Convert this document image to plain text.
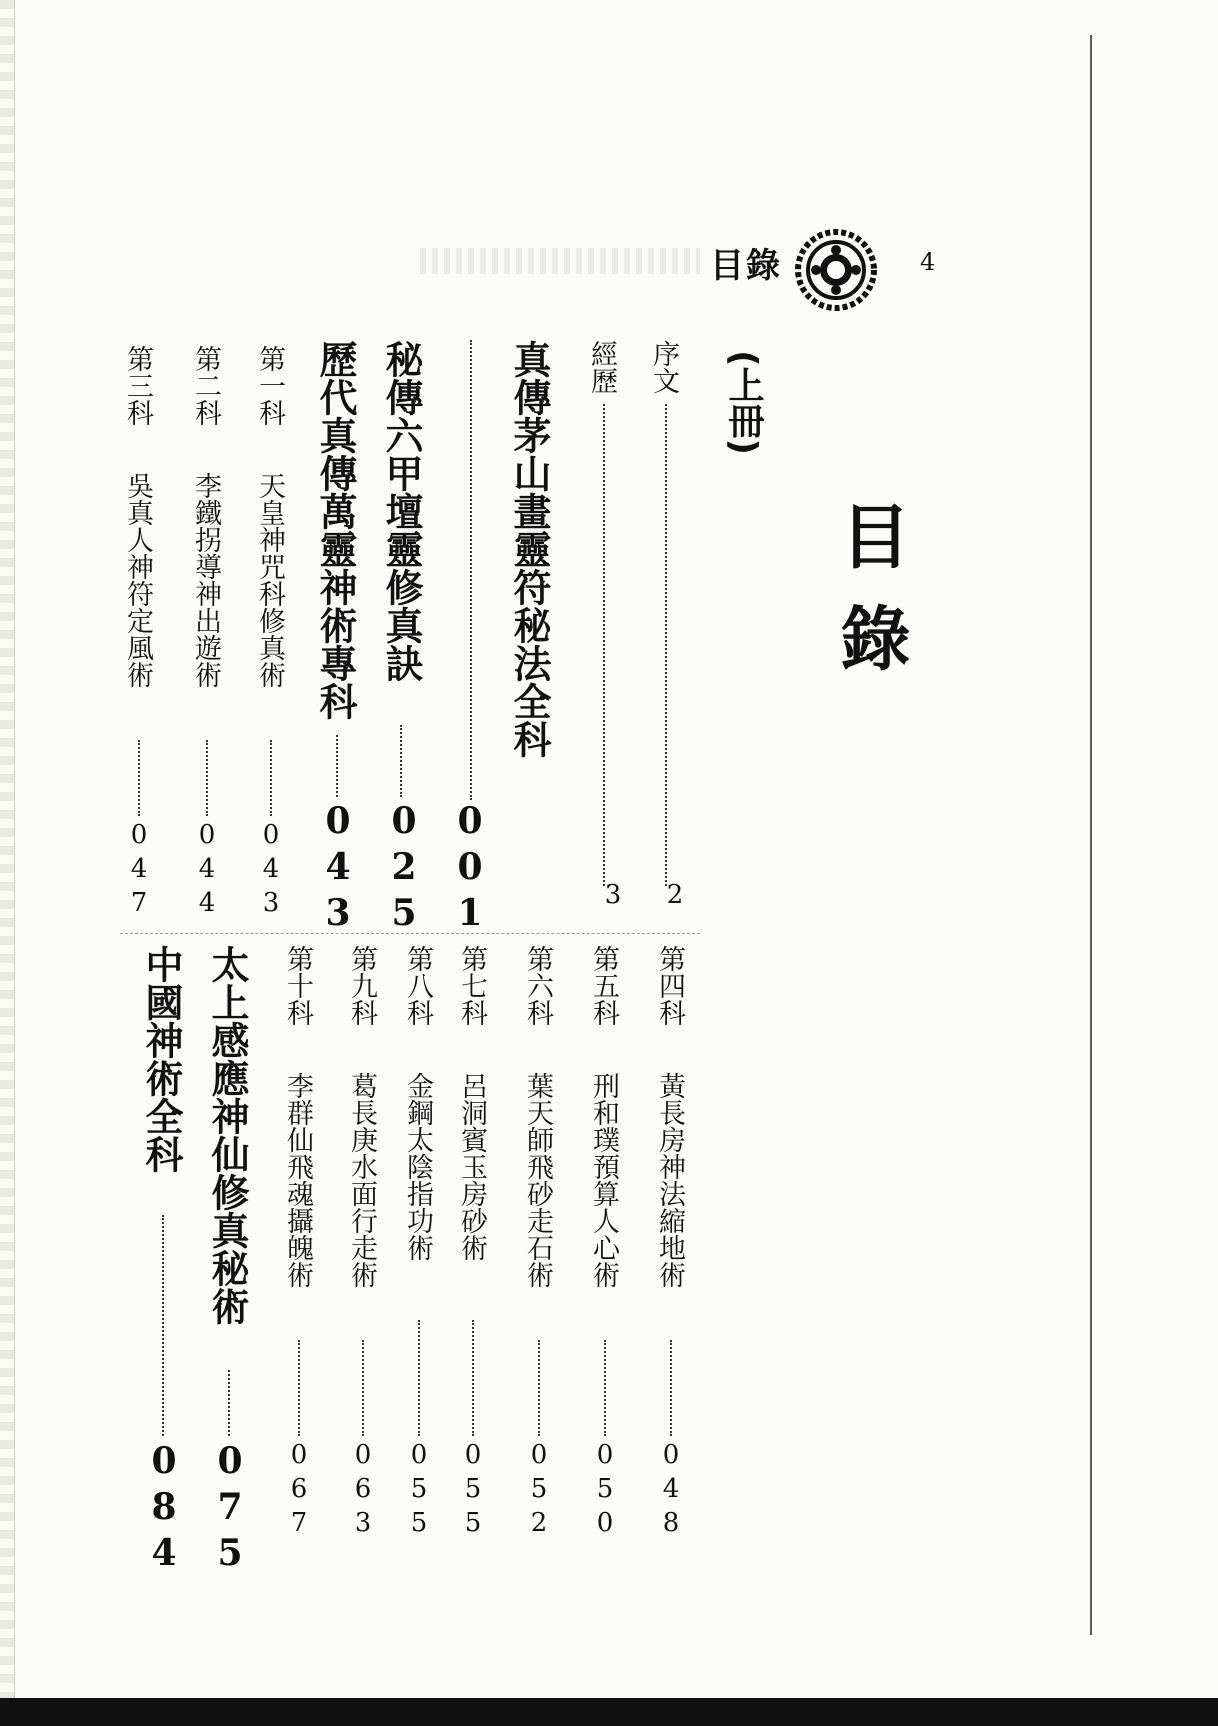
目錄	4
目錄
(上冊)
序文
2
經歷
3
真傳茅山畫靈符秘法全科
001
秘傳六甲壇靈修真訣
025
歷代真傳萬靈神術專科
043
第一科
天皇神咒科修真術
043
第二科
李鐵拐導神出遊術
044
第三科
吳真人神符定風術
047
第四科
黃長房神法縮地術
048
第五科
刑和璞預算人心術
050
第六科
葉天師飛砂走石術
052
第七科
呂洞賓玉房砂術
055
第八科
金鋼太陰指功術
055
第九科
葛長庚水面行走術
063
第十科
李群仙飛魂攝魄術
067
太上感應神仙修真秘術
075
中國神術全科
084
